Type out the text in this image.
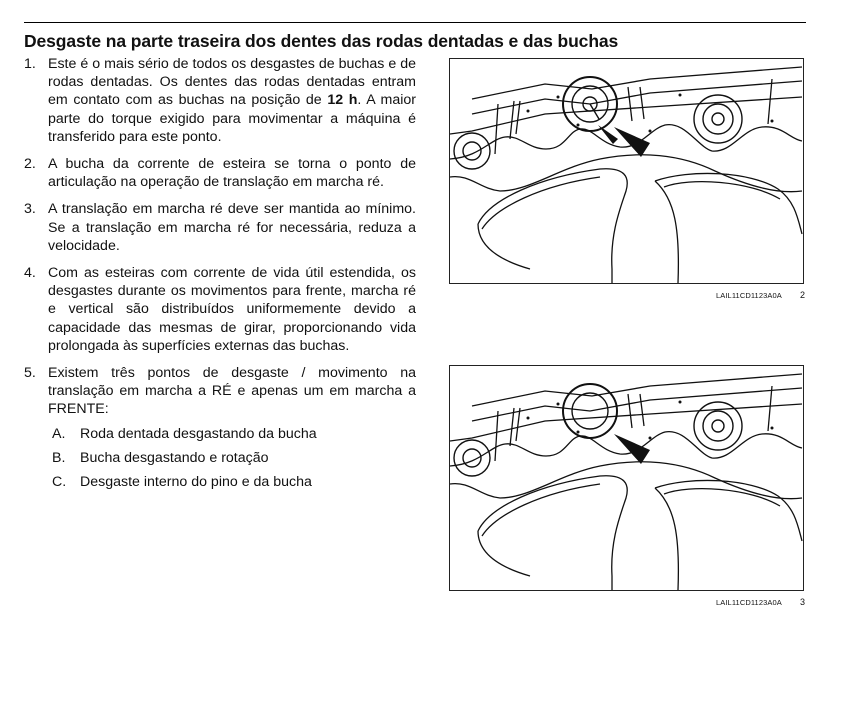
Desgaste na parte traseira dos dentes das rodas dentadas e das buchas
1. Este é o mais sério de todos os desgastes de buchas e de rodas dentadas. Os dentes das rodas dentadas entram em contato com as buchas na posição de 12 h. A maior parte do torque exigido para movimentar a máquina é transferido para este ponto.
2. A bucha da corrente de esteira se torna o ponto de articulação na operação de translação em marcha ré.
3. A translação em marcha ré deve ser mantida ao mínimo. Se a translação em marcha ré for necessária, reduza a velocidade.
4. Com as esteiras com corrente de vida útil estendida, os desgastes durante os movimentos para frente, marcha ré e vertical são distribuídos uniformemente devido a capacidade das mesmas de girar, proporcionando vida prolongada às superfícies externas das buchas.
5. Existem três pontos de desgaste / movimento na translação em marcha a RÉ e apenas um em marcha a FRENTE:
A. Roda dentada desgastando da bucha
B. Bucha desgastando e rotação
C. Desgaste interno do pino e da bucha
LAIL11CD1123A0A 2
LAIL11CD1123A0A 3
